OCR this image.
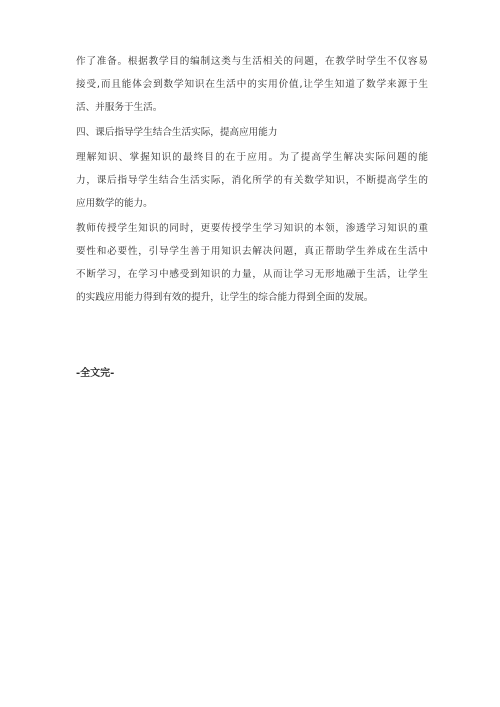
作了准备。根据教学目的编制这类与生活相关的问题，在教学时学生不仅容易

接受,而且能体会到数学知识在生活中的实用价值,让学生知道了数学来源于生

活、并服务于生活。

四、课后指导学生结合生活实际，提高应用能力

理解知识、掌握知识的最终目的在于应用。为了提高学生解决实际问题的能

力，课后指导学生结合生活实际，消化所学的有关数学知识，不断提高学生的

应用数学的能力。

教师传授学生知识的同时，更要传授学生学习知识的本领，渗透学习知识的重

要性和必要性，引导学生善于用知识去解决问题，真正帮助学生养成在生活中

不断学习，在学习中感受到知识的力量，从而让学习无形地融于生活，让学生

的实践应用能力得到有效的提升，让学生的综合能力得到全面的发展。

-全文完-
